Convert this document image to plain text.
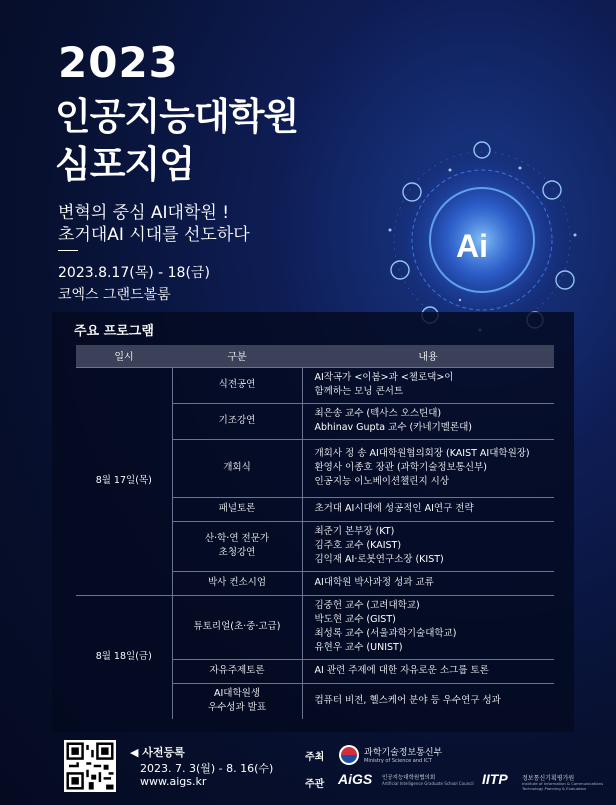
Ai
2023
인공지능대학원
심포지엄
변혁의 중심 AI대학원 !
초거대AI 시대를 선도하다
2023.8.17(목) - 18(금)
코엑스 그랜드볼룸
주요 프로그램
일시	구분	내용
8월 17일(목)	식전공연	AI작곡가 <이봄>과 <첼로댁>이
함께하는 모닝 콘서트

	기조강연	최은송 교수 (텍사스 오스틴대)
Abhinav Gupta 교수 (카네기멜론대)

	개회식	개회사 정 송 AI대학원협의회장 (KAIST AI대학원장)
환영사 이종호 장관 (과학기술정보통신부)
인공지능 이노베이션챌린지 시상

	패널토론	초거대 AI시대에 성공적인 AI연구 전략

	산·학·연 전문가
초청강연	최준기 본부장 (KT)
김주호 교수 (KAIST)
김익재 AI·로봇연구소장 (KIST)

	박사 컨소시엄	AI대학원 박사과정 성과 교류

8월 18일(금)	튜토리얼(초·중·고급)	김중헌 교수 (고려대학교)
박도현 교수 (GIST)
최성록 교수 (서울과학기술대학교)
유현우 교수 (UNIST)

	자유주제토론	AI 관련 주제에 대한 자유로운 소그룹 토론

	AI대학원생
우수성과 발표	컴퓨터 비전, 헬스케어 분야 등 우수연구 성과
◀ 사전등록
2023. 7. 3(월) - 8. 16(수)
www.aigs.kr
주최
주관
과학기술정보통신부
Ministry of Science and ICT
AiGS 인공지능대학원협의회
Artificial Intelligence Graduate School Council IITP 정보통신기획평가원
Institute of Information & Communications Technology Planning & Evaluation
